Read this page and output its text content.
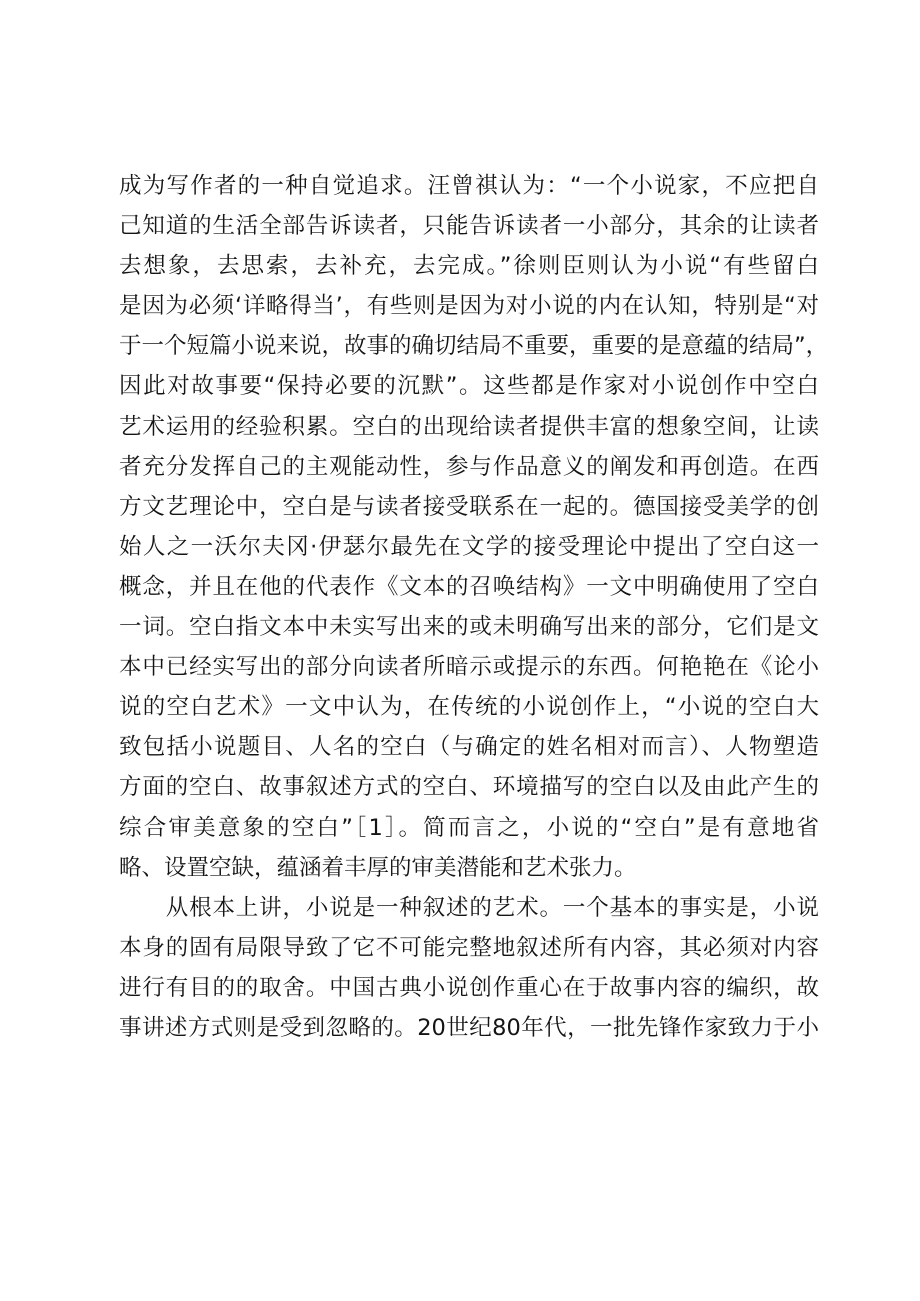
成为写作者的一种自觉追求。汪曾祺认为：“一个小说家，不应把自
己知道的生活全部告诉读者，只能告诉读者一小部分，其余的让读者
去想象，去思索，去补充，去完成。”徐则臣则认为小说“有些留白
是因为必须‘详略得当’，有些则是因为对小说的内在认知，特别是“对
于一个短篇小说来说，故事的确切结局不重要，重要的是意蕴的结局”，
因此对故事要“保持必要的沉默”。这些都是作家对小说创作中空白
艺术运用的经验积累。空白的出现给读者提供丰富的想象空间，让读
者充分发挥自己的主观能动性，参与作品意义的阐发和再创造。在西
方文艺理论中，空白是与读者接受联系在一起的。德国接受美学的创
始人之一沃尔夫冈·伊瑟尔最先在文学的接受理论中提出了空白这一
概念，并且在他的代表作《文本的召唤结构》一文中明确使用了空白
一词。空白指文本中未实写出来的或未明确写出来的部分，它们是文
本中已经实写出的部分向读者所暗示或提示的东西。何艳艳在《论小
说的空白艺术》一文中认为，在传统的小说创作上，“小说的空白大
致包括小说题目、人名的空白（与确定的姓名相对而言）、人物塑造
方面的空白、故事叙述方式的空白、环境描写的空白以及由此产生的
综合审美意象的空白”［1］。简而言之，小说的“空白”是有意地省
略、设置空缺，蕴涵着丰厚的审美潜能和艺术张力。
　　从根本上讲，小说是一种叙述的艺术。一个基本的事实是，小说
本身的固有局限导致了它不可能完整地叙述所有内容，其必须对内容
进行有目的的取舍。中国古典小说创作重心在于故事内容的编织，故
事讲述方式则是受到忽略的。20世纪80年代，一批先锋作家致力于小
